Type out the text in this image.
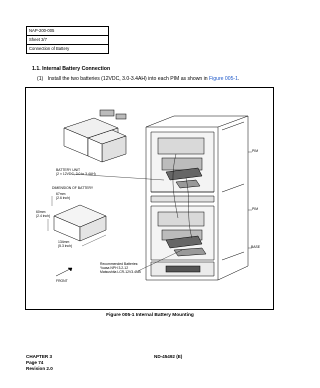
NAP-200-005
Sheet 3/7
Connection of Battery
1.1. Internal Battery Connection
(1) Install the two batteries (12VDC, 3.0-3.4AH) into each PIM as shown in Figure 005-1.
BATTERY UNIT
(2 × 12VDC, 3.0 to 3.4AH)
DIMENSION OF BATTERY
67mm
(2.6 inch)
60mm
(2.4 inch)
134mm
(5.3 inch)
FRONT
Recommended Batteries:
Yuasa NPH 3.2-12
Matsushita LCR-12V3.4NB
PIM
PIM
BASE
Figure 005-1 Internal Battery Mounting
CHAPTER 3
Page 74
Revision 2.0
ND-45492 (E)
